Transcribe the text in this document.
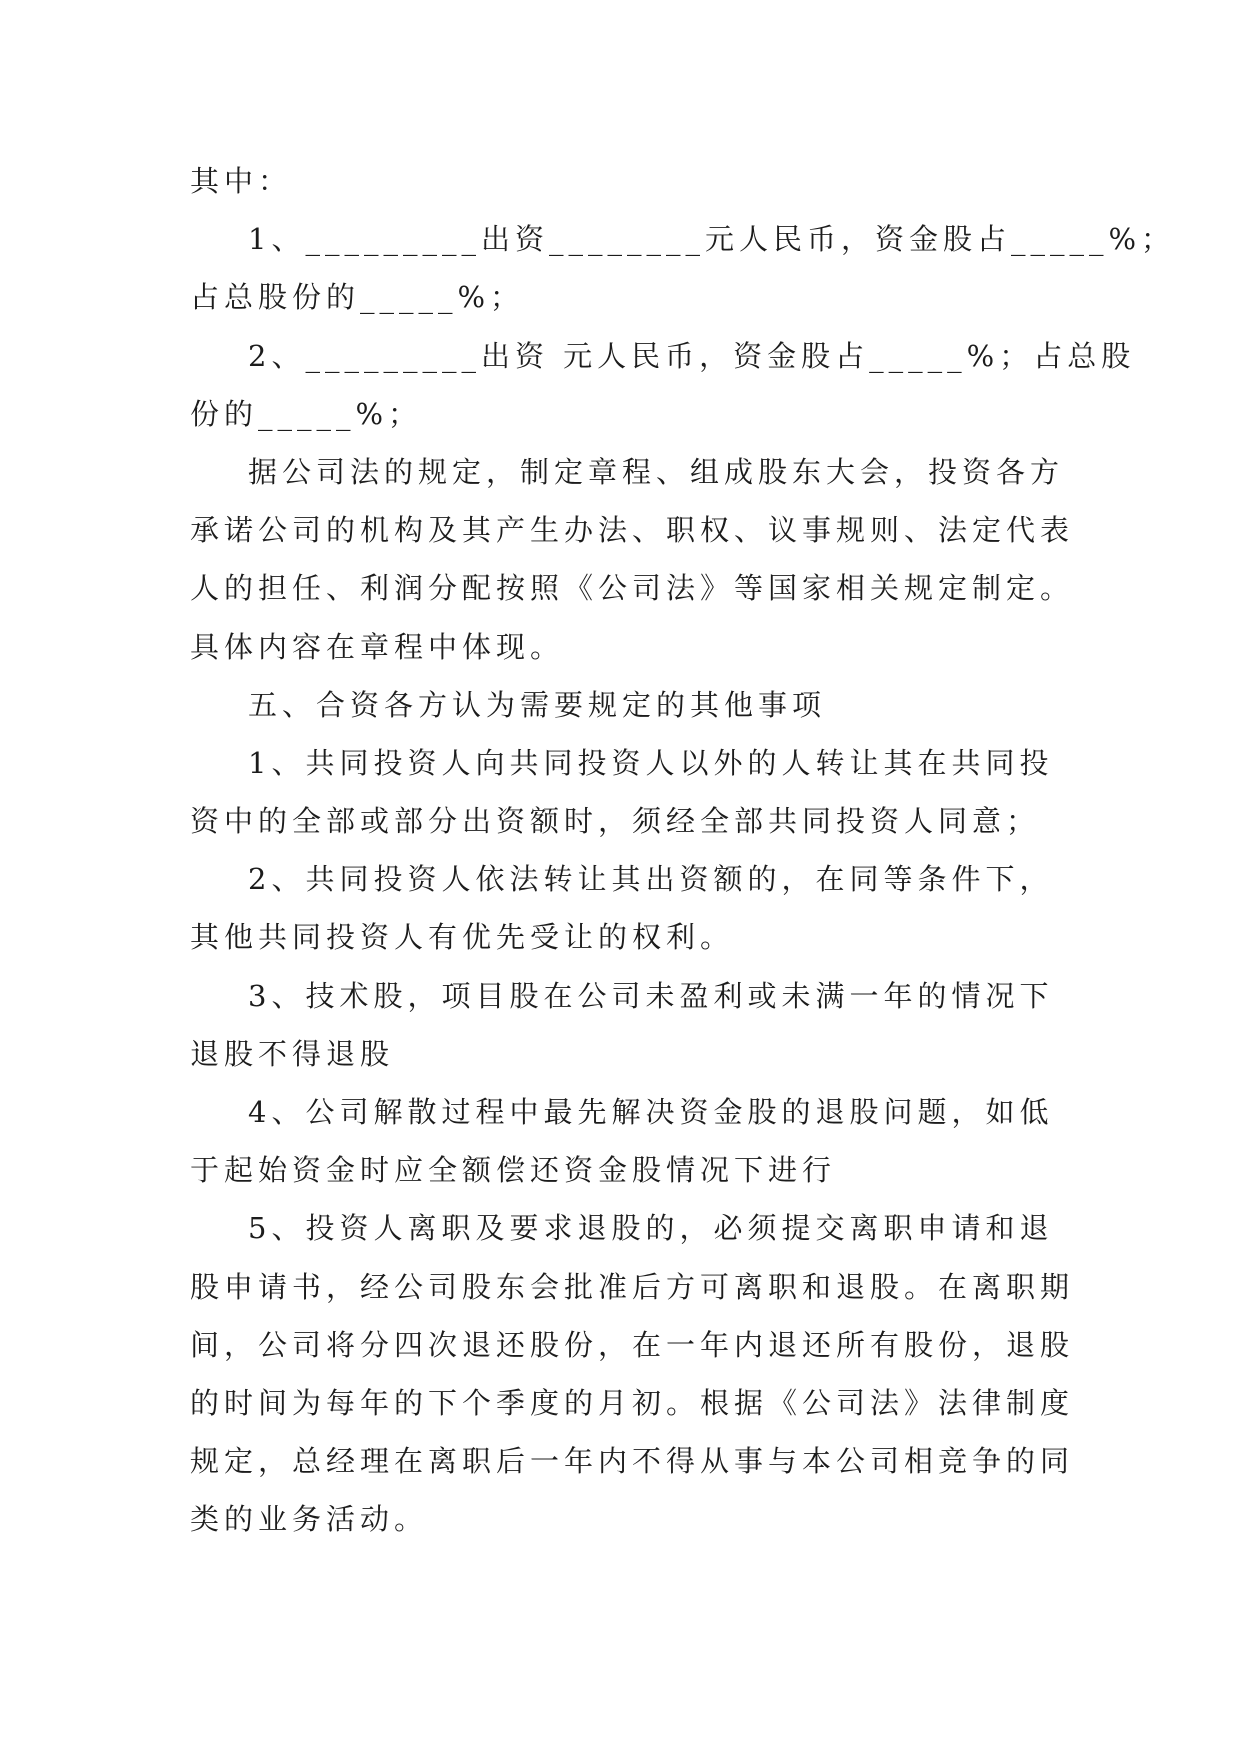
其中：
1、_________出资________元人民币，资金股占_____%；
占总股份的_____%；
2、_________出资 元人民币，资金股占_____%；占总股
份的_____%；
据公司法的规定，制定章程、组成股东大会，投资各方
承诺公司的机构及其产生办法、职权、议事规则、法定代表
人的担任、利润分配按照《公司法》等国家相关规定制定。
具体内容在章程中体现。
五、合资各方认为需要规定的其他事项
1、共同投资人向共同投资人以外的人转让其在共同投
资中的全部或部分出资额时，须经全部共同投资人同意；
2、共同投资人依法转让其出资额的，在同等条件下，
其他共同投资人有优先受让的权利。
3、技术股，项目股在公司未盈利或未满一年的情况下
退股不得退股
4、公司解散过程中最先解决资金股的退股问题，如低
于起始资金时应全额偿还资金股情况下进行
5、投资人离职及要求退股的，必须提交离职申请和退
股申请书，经公司股东会批准后方可离职和退股。在离职期
间，公司将分四次退还股份，在一年内退还所有股份，退股
的时间为每年的下个季度的月初。根据《公司法》法律制度
规定，总经理在离职后一年内不得从事与本公司相竞争的同
类的业务活动。
